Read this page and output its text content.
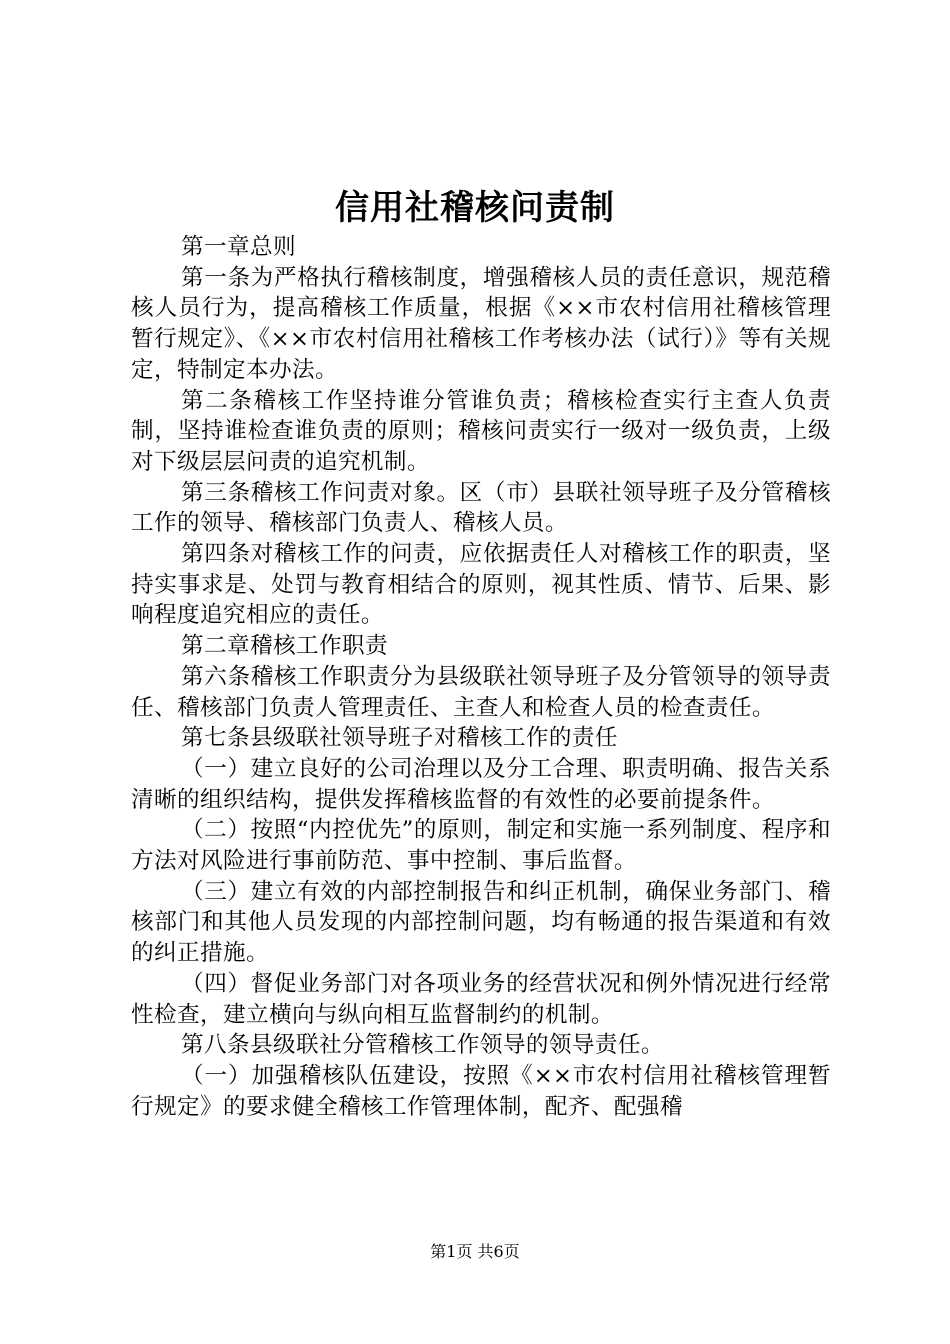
信用社稽核问责制

第一章总则

第一条为严格执行稽核制度，增强稽核人员的责任意识，规范稽核人员行为，提高稽核工作质量，根据《××市农村信用社稽核管理暂行规定》、《××市农村信用社稽核工作考核办法（试行）》等有关规定，特制定本办法。

第二条稽核工作坚持谁分管谁负责；稽核检查实行主查人负责制，坚持谁检查谁负责的原则；稽核问责实行一级对一级负责，上级对下级层层问责的追究机制。

第三条稽核工作问责对象。区（市）县联社领导班子及分管稽核工作的领导、稽核部门负责人、稽核人员。

第四条对稽核工作的问责，应依据责任人对稽核工作的职责，坚持实事求是、处罚与教育相结合的原则，视其性质、情节、后果、影响程度追究相应的责任。

第二章稽核工作职责

第六条稽核工作职责分为县级联社领导班子及分管领导的领导责任、稽核部门负责人管理责任、主查人和检查人员的检查责任。

第七条县级联社领导班子对稽核工作的责任

（一）建立良好的公司治理以及分工合理、职责明确、报告关系清晰的组织结构，提供发挥稽核监督的有效性的必要前提条件。

（二）按照“内控优先”的原则，制定和实施一系列制度、程序和方法对风险进行事前防范、事中控制、事后监督。

（三）建立有效的内部控制报告和纠正机制，确保业务部门、稽核部门和其他人员发现的内部控制问题，均有畅通的报告渠道和有效的纠正措施。

（四）督促业务部门对各项业务的经营状况和例外情况进行经常性检查，建立横向与纵向相互监督制约的机制。

第八条县级联社分管稽核工作领导的领导责任。

（一）加强稽核队伍建设，按照《××市农村信用社稽核管理暂行规定》的要求健全稽核工作管理体制，配齐、配强稽

第1页 共6页
